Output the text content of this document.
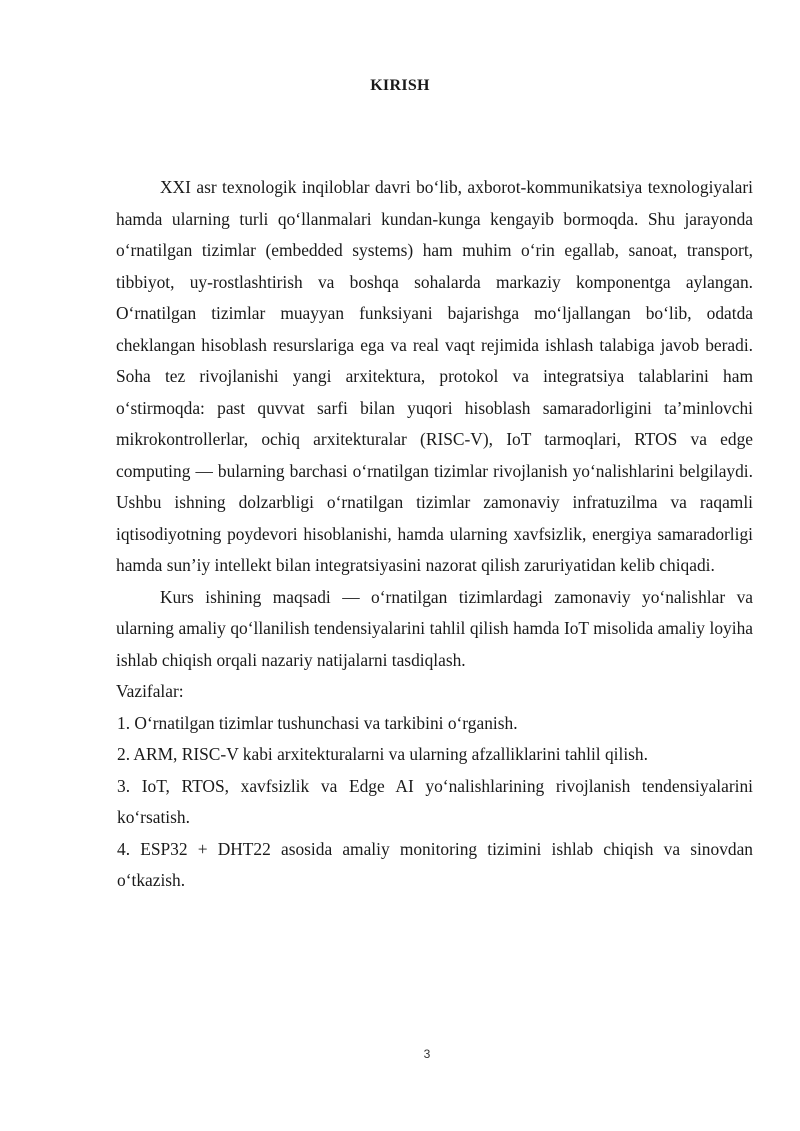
KIRISH

XXI asr texnologik inqiloblar davri bo‘lib, axborot-kommunikatsiya texnologiyalari hamda ularning turli qo‘llanmalari kundan-kunga kengayib bormoqda. Shu jarayonda o‘rnatilgan tizimlar (embedded systems) ham muhim o‘rin egallab, sanoat, transport, tibbiyot, uy-rostlashtirish va boshqa sohalarda markaziy komponentga aylangan. O‘rnatilgan tizimlar muayyan funksiyani bajarishga mo‘ljallangan bo‘lib, odatda cheklangan hisoblash resurslariga ega va real vaqt rejimida ishlash talabiga javob beradi. Soha tez rivojlanishi yangi arxitektura, protokol va integratsiya talablarini ham o‘stirmoqda: past quvvat sarfi bilan yuqori hisoblash samaradorligini ta’minlovchi mikrokontrollerlar, ochiq arxitekturalar (RISC-V), IoT tarmoqlari, RTOS va edge computing — bularning barchasi o‘rnatilgan tizimlar rivojlanish yo‘nalishlarini belgilaydi. Ushbu ishning dolzarbligi o‘rnatilgan tizimlar zamonaviy infratuzilma va raqamli iqtisodiyotning poydevori hisoblanishi, hamda ularning xavfsizlik, energiya samaradorligi hamda sun’iy intellekt bilan integratsiyasini nazorat qilish zaruriyatidan kelib chiqadi.

Kurs ishining maqsadi — o‘rnatilgan tizimlardagi zamonaviy yo‘nalishlar va ularning amaliy qo‘llanilish tendensiyalarini tahlil qilish hamda IoT misolida amaliy loyiha ishlab chiqish orqali nazariy natijalarni tasdiqlash.

Vazifalar:

1. O‘rnatilgan tizimlar tushunchasi va tarkibini o‘rganish.

2. ARM, RISC-V kabi arxitekturalarni va ularning afzalliklarini tahlil qilish.

3. IoT, RTOS, xavfsizlik va Edge AI yo‘nalishlarining rivojlanish tendensiyalarini ko‘rsatish.

4. ESP32 + DHT22 asosida amaliy monitoring tizimini ishlab chiqish va sinovdan o‘tkazish.

3
